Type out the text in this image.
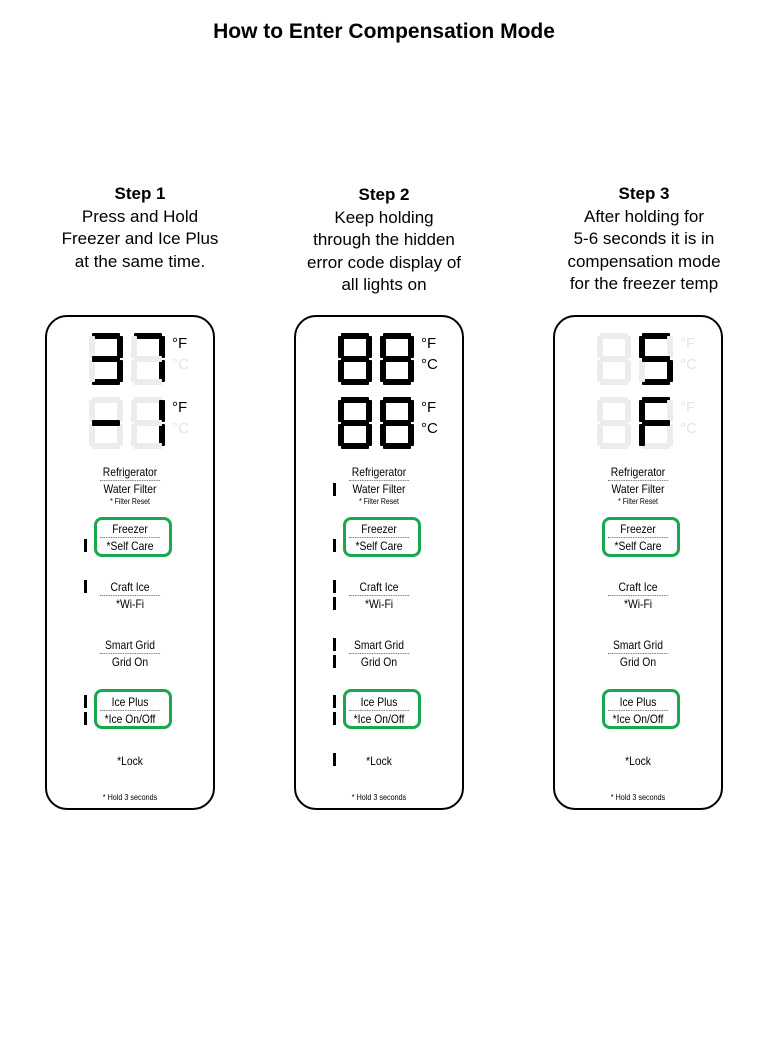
How to Enter Compensation Mode
Step 1
Press and Hold
Freezer and Ice Plus
at the same time.
Step 2
Keep holding
through the hidden
error code display of
all lights on
Step 3
After holding for
5-6 seconds it is in
compensation mode
for the freezer temp
°F
°C
°F
°C
Refrigerator
Water Filter
* Filter Reset
Freezer
*Self Care
Craft Ice
*Wi-Fi
Smart Grid
Grid On
Ice Plus
*Ice On/Off
*Lock
* Hold 3 seconds
°F
°C
°F
°C
Refrigerator
Water Filter
* Filter Reset
Freezer
*Self Care
Craft Ice
*Wi-Fi
Smart Grid
Grid On
Ice Plus
*Ice On/Off
*Lock
* Hold 3 seconds
°F
°C
°F
°C
Refrigerator
Water Filter
* Filter Reset
Freezer
*Self Care
Craft Ice
*Wi-Fi
Smart Grid
Grid On
Ice Plus
*Ice On/Off
*Lock
* Hold 3 seconds
